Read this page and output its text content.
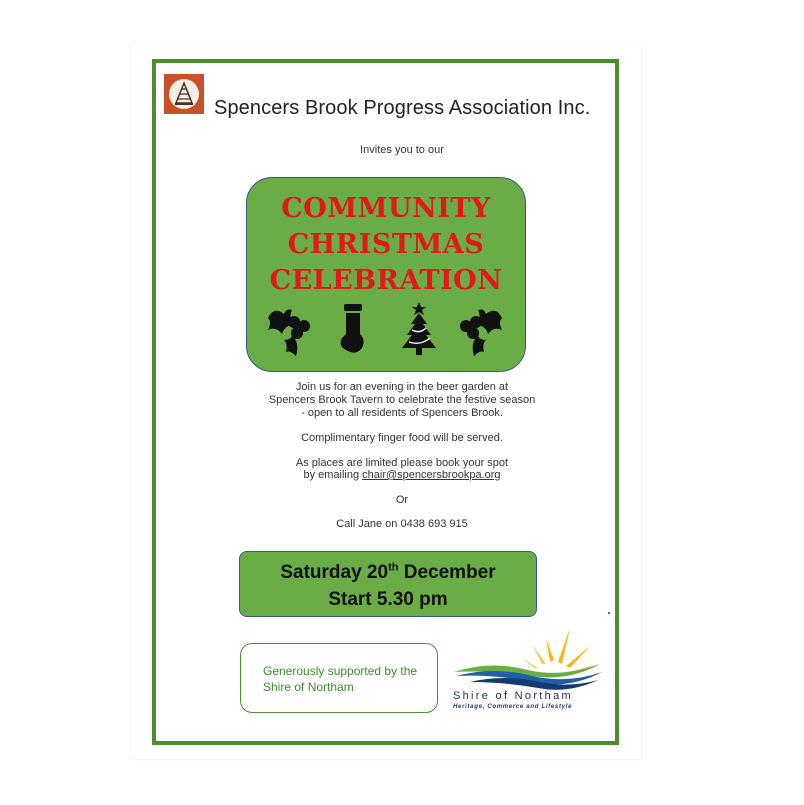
Spencers Brook Progress Association Inc.
Invites you to our
COMMUNITY
CHRISTMAS
CELEBRATION
Join us for an evening in the beer garden at
Spencers Brook Tavern to celebrate the festive season
- open to all residents of Spencers Brook.
Complimentary finger food will be served.
As places are limited please book your spot
by emailing chair@spencersbrookpa.org
Or
Call Jane on 0438 693 915
Saturday 20th December
Start 5.30 pm
Generously supported by the
Shire of Northam
Shire of Northam
Heritage, Commerce and Lifestyle
